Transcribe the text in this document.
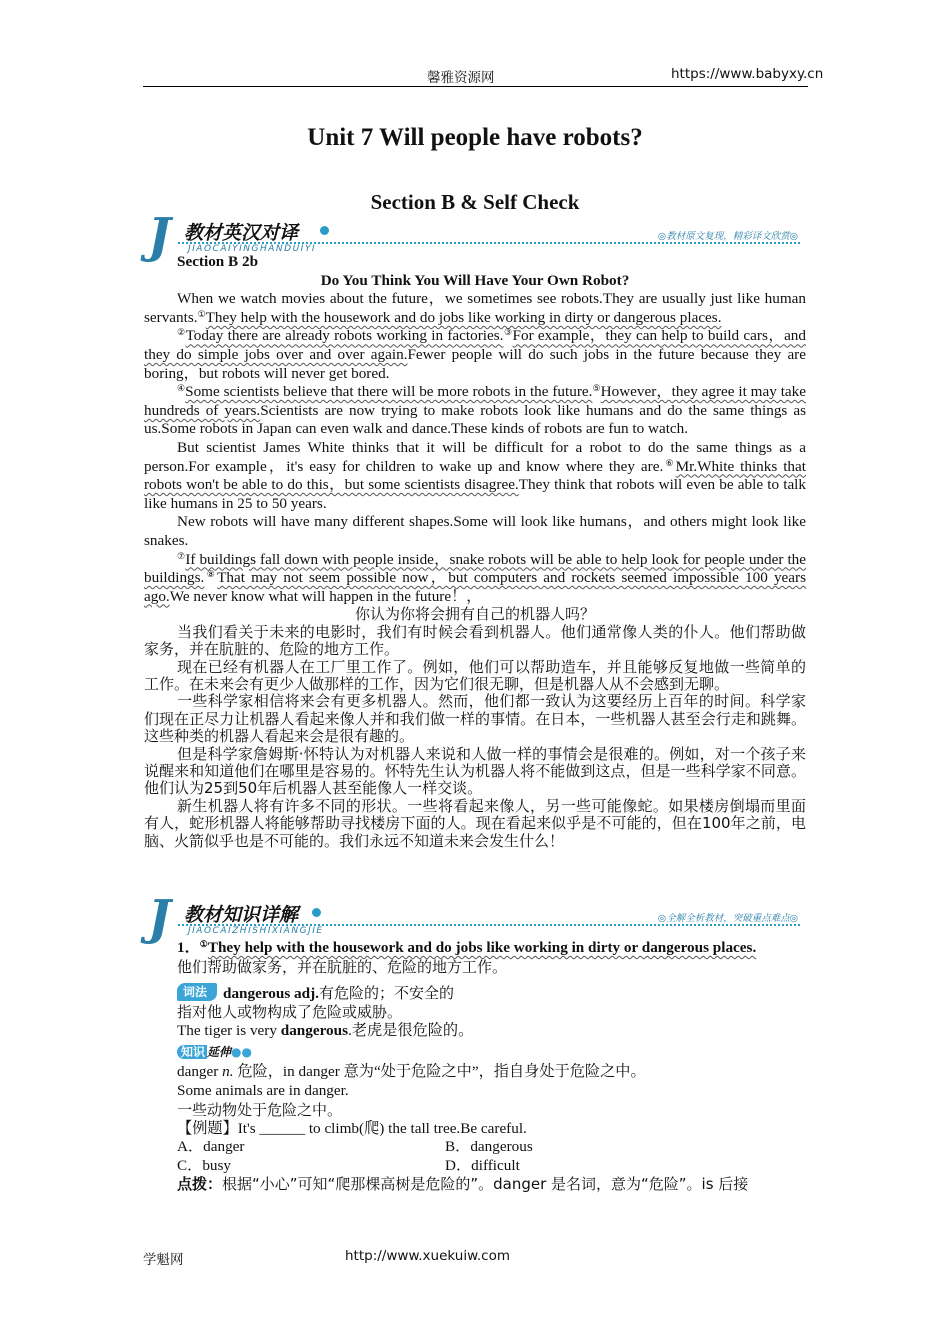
馨雅资源网	https://www.babyxy.cn
Unit 7 Will people have robots?
Section B & Self Check
J 教材英汉对译
JIAOCAIYINGHANDUIYI
◎教材原文复现，精彩译文欣赏◎

Section B 2b

Do You Think You Will Have Your Own Robot?

When we watch movies about the future，we sometimes see robots.They are usually just like human servants.①They help with the housework and do jobs like working in dirty or dangerous places.

②Today there are already robots working in factories.③For example，they can help to build cars，and they do simple jobs over and over again.Fewer people will do such jobs in the future because they are boring，but robots will never get bored.

④Some scientists believe that there will be more robots in the future.⑤However，they agree it may take hundreds of years.Scientists are now trying to make robots look like humans and do the same things as us.Some robots in Japan can even walk and dance.These kinds of robots are fun to watch.

But scientist James White thinks that it will be difficult for a robot to do the same things as a person.For example，it's easy for children to wake up and know where they are.⑥Mr.White thinks that robots won't be able to do this，but some scientists disagree.They think that robots will even be able to talk like humans in 25 to 50 years.

New robots will have many different shapes.Some will look like humans，and others might look like snakes.

⑦If buildings fall down with people inside，snake robots will be able to help look for people under the buildings.⑧That may not seem possible now，but computers and rockets seemed impossible 100 years ago.We never know what will happen in the future！，

你认为你将会拥有自己的机器人吗？

当我们看关于未来的电影时，我们有时候会看到机器人。他们通常像人类的仆人。他们帮助做家务，并在肮脏的、危险的地方工作。

现在已经有机器人在工厂里工作了。例如，他们可以帮助造车，并且能够反复地做一些简单的工作。在未来会有更少人做那样的工作，因为它们很无聊，但是机器人从不会感到无聊。

一些科学家相信将来会有更多机器人。然而，他们都一致认为这要经历上百年的时间。科学家们现在正尽力让机器人看起来像人并和我们做一样的事情。在日本，一些机器人甚至会行走和跳舞。这些种类的机器人看起来会是很有趣的。

但是科学家詹姆斯·怀特认为对机器人来说和人做一样的事情会是很难的。例如，对一个孩子来说醒来和知道他们在哪里是容易的。怀特先生认为机器人将不能做到这点，但是一些科学家不同意。他们认为25到50年后机器人甚至能像人一样交谈。

新生机器人将有许多不同的形状。一些将看起来像人，另一些可能像蛇。如果楼房倒塌而里面有人，蛇形机器人将能够帮助寻找楼房下面的人。现在看起来似乎是不可能的，但在100年之前，电脑、火箭似乎也是不可能的。我们永远不知道未来会发生什么！

J 教材知识详解
JIAOCAIZHISHIXIANGJIE
◎全解全析教材，突破重点难点◎

1．①They help with the housework and do jobs like working in dirty or dangerous places.

他们帮助做家务，并在肮脏的、危险的地方工作。

词法 dangerous adj.有危险的；不安全的

指对他人或物构成了危险或威胁。

The tiger is very dangerous.老虎是很危险的。

知识 延伸●●

danger n. 危险，in danger 意为“处于危险之中”，指自身处于危险之中。

Some animals are in danger.

一些动物处于危险之中。

【例题】It's ______ to climb(爬) the tall tree.Be careful.

A．danger	B．dangerous

C．busy	D．difficult

点拨：根据“小心”可知“爬那棵高树是危险的”。danger 是名词，意为“危险”。is 后接

学魁网	http://www.xuekuiw.com
